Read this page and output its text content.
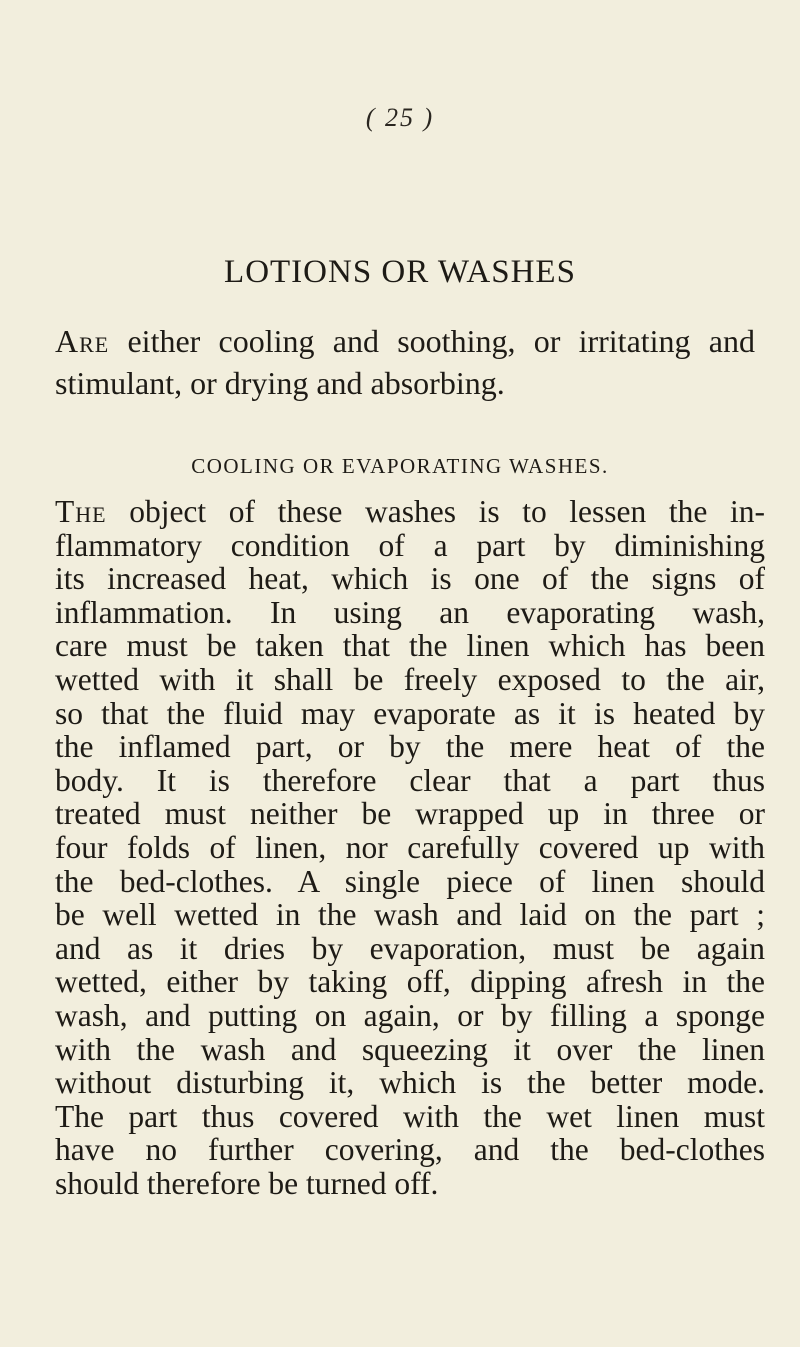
( 25 )
LOTIONS OR WASHES
Are either cooling and soothing, or irritating and
stimulant, or drying and absorbing.
COOLING OR EVAPORATING WASHES.
The object of these washes is to lessen the in-
flammatory condition of a part by diminishing
its increased heat, which is one of the signs of
inflammation. In using an evaporating wash,
care must be taken that the linen which has been
wetted with it shall be freely exposed to the air,
so that the fluid may evaporate as it is heated by
the inflamed part, or by the mere heat of the
body. It is therefore clear that a part thus
treated must neither be wrapped up in three or
four folds of linen, nor carefully covered up with
the bed-clothes. A single piece of linen should
be well wetted in the wash and laid on the part ;
and as it dries by evaporation, must be again
wetted, either by taking off, dipping afresh in the
wash, and putting on again, or by filling a sponge
with the wash and squeezing it over the linen
without disturbing it, which is the better mode.
The part thus covered with the wet linen must
have no further covering, and the bed-clothes
should therefore be turned off.
